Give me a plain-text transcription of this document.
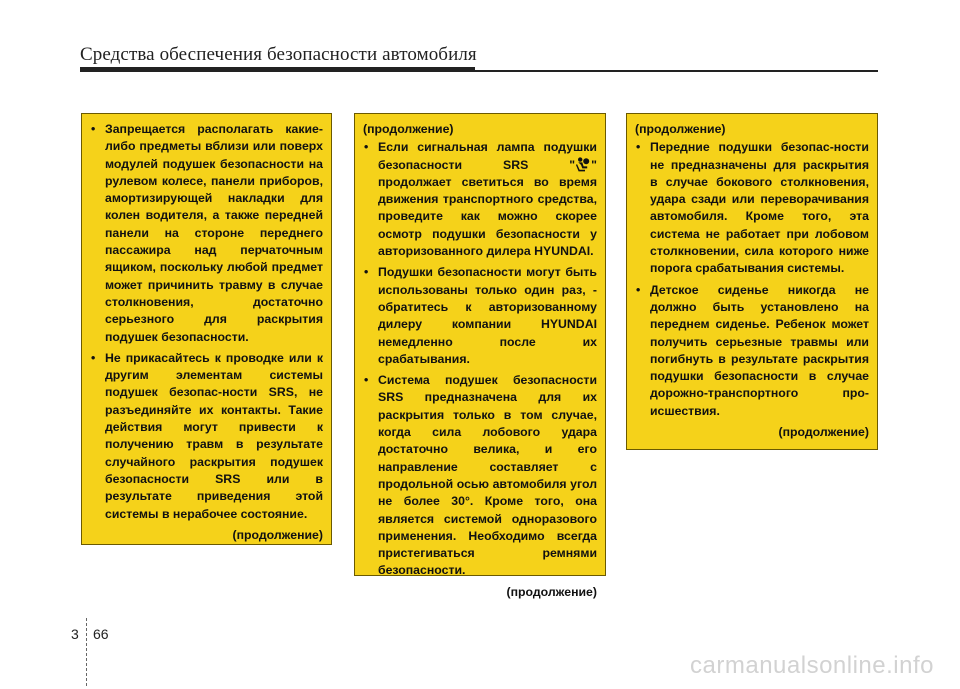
Средства обеспечения безопасности автомобиля
• Запрещается располагать какие-либо предметы вблизи или поверх модулей подушек безопасности на рулевом колесе, панели приборов, амортизирующей накладки для колен водителя, а также передней панели на стороне переднего пассажира над перчаточным ящиком, поскольку любой предмет может причинить травму в случае столкновения, достаточно серьезного для раскрытия подушек безопасности.
• Не прикасайтесь к проводке или к другим элементам системы подушек безопас-ности SRS, не разъединяйте их контакты. Такие действия могут привести к получению травм в результате случайного раскрытия подушек безопасности SRS или в результате приведения этой системы в нерабочее состояние.
(продолжение)
(продолжение)
• Если сигнальная лампа подушки безопасности SRS " " продолжает светиться во время движения транспортного средства, проведите как можно скорее осмотр подушки безопасности у авторизованного дилера HYUNDAI.
• Подушки безопасности могут быть использованы только один раз, - обратитесь к авторизованному дилеру компании HYUNDAI немедленно после их срабатывания.
• Система подушек безопасности SRS предназначена для их раскрытия только в том случае, когда сила лобового удара достаточно велика, и его направление составляет с продольной осью автомобиля угол не более 30°. Кроме того, она является системой одноразового применения. Необходимо всегда пристегиваться ремнями безопасности.
(продолжение)
(продолжение)
• Передние подушки безопас-ности не предназначены для раскрытия в случае бокового столкновения, удара сзади или переворачивания автомобиля. Кроме того, эта система не работает при лобовом столкновении, сила которого ниже порога срабатывания системы.
• Детское сиденье никогда не должно быть установлено на переднем сиденье. Ребенок может получить серьезные травмы или погибнуть в результате раскрытия подушки безопасности в случае дорожно-транспортного про-исшествия.
(продолжение)
3 66
carmanualsonline.info
